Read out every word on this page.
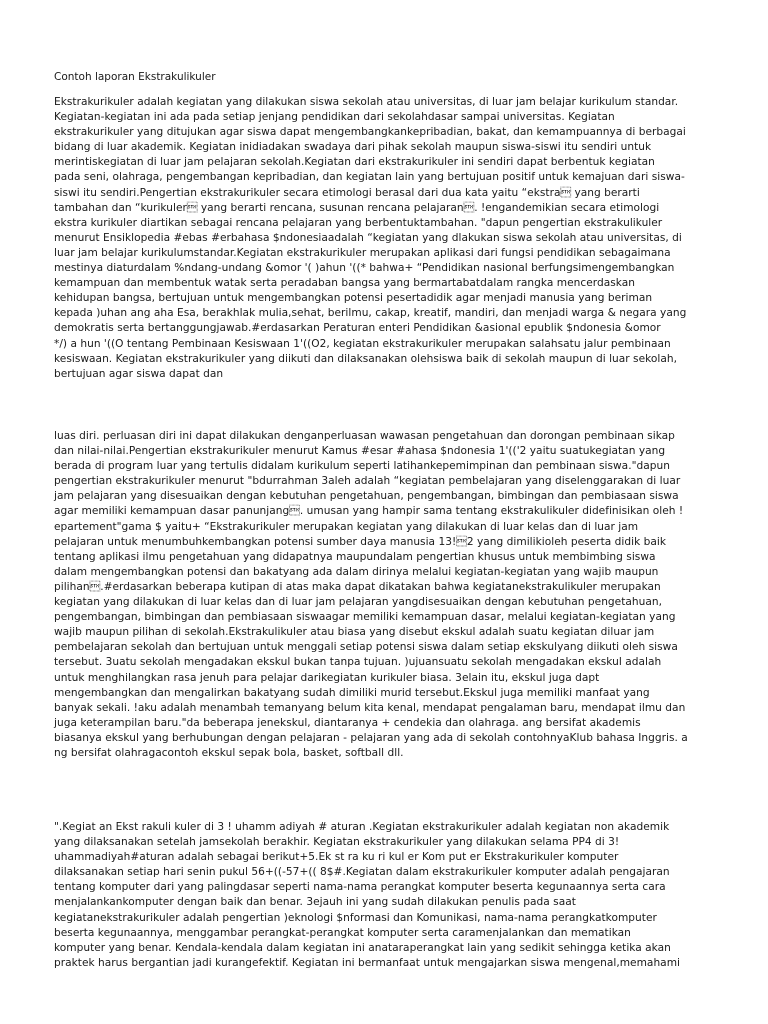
Contoh laporan Ekstrakulikuler
Ekstrakurikuler adalah kegiatan yang dilakukan siswa sekolah atau universitas, di luar jam belajar kurikulum standar.
Kegiatan-kegiatan ini ada pada setiap jenjang pendidikan dari sekolahdasar sampai universitas. Kegiatan
ekstrakurikuler yang ditujukan agar siswa dapat mengembangkankepribadian, bakat, dan kemampuannya di berbagai
bidang di luar akademik. Kegiatan inidiadakan swadaya dari pihak sekolah maupun siswa-siswi itu sendiri untuk
merintiskegiatan di luar jam pelajaran sekolah.Kegiatan dari ekstrakurikuler ini sendiri dapat berbentuk kegiatan
pada seni, olahraga, pengembangan kepribadian, dan kegiatan lain yang bertujuan positif untuk kemajuan dari siswa-
siswi itu sendiri.Pengertian ekstrakurikuler secara etimologi berasal dari dua kata yaitu “ekstra yang berarti
tambahan dan “kurikuler yang berarti rencana, susunan rencana pelajaran. !engandemikian secara etimologi
ekstra kurikuler diartikan sebagai rencana pelajaran yang berbentuktambahan. "dapun pengertian ekstrakulikuler
menurut Ensiklopedia #ebas #erbahasa $ndonesiaadalah “kegiatan yang dlakukan siswa sekolah atau universitas, di
luar jam belajar kurikulumstandar.Kegiatan ekstrakurikuler merupakan aplikasi dari fungsi pendidikan sebagaimana
mestinya diaturdalam %ndang-undang &omor '( )ahun '((* bahwa+ “Pendidikan nasional berfungsimengembangkan
kemampuan dan membentuk watak serta peradaban bangsa yang bermartabatdalam rangka mencerdaskan
kehidupan bangsa, bertujuan untuk mengembangkan potensi pesertadidik agar menjadi manusia yang beriman
kepada )uhan ang aha Esa, berakhlak mulia,sehat, berilmu, cakap, kreatif, mandiri, dan menjadi warga & negara yang
demokratis serta bertanggungjawab.#erdasarkan Peraturan enteri Pendidikan &asional epublik $ndonesia &omor
*/) a hun '((O tentang Pembinaan Kesiswaan 1'((O2, kegiatan ekstrakurikuler merupakan salahsatu jalur pembinaan
kesiswaan. Kegiatan ekstrakurikuler yang diikuti dan dilaksanakan olehsiswa baik di sekolah maupun di luar sekolah,
bertujuan agar siswa dapat dan
luas diri. perluasan diri ini dapat dilakukan denganperluasan wawasan pengetahuan dan dorongan pembinaan sikap
dan nilai-nilai.Pengertian ekstrakurikuler menurut Kamus #esar #ahasa $ndonesia 1'(('2 yaitu suatukegiatan yang
berada di program luar yang tertulis didalam kurikulum seperti latihankepemimpinan dan pembinaan siswa."dapun
pengertian ekstrakurikuler menurut "bdurrahman 3aleh adalah “kegiatan pembelajaran yang diselenggarakan di luar
jam pelajaran yang disesuaikan dengan kebutuhan pengetahuan, pengembangan, bimbingan dan pembiasaan siswa
agar memiliki kemampuan dasar panunjang. umusan yang hampir sama tentang ekstrakulikuler didefinisikan oleh !
epartement"gama $ yaitu+ “Ekstrakurikuler merupakan kegiatan yang dilakukan di luar kelas dan di luar jam
pelajaran untuk menumbuhkembangkan potensi sumber daya manusia 13!2 yang dimilikioleh peserta didik baik
tentang aplikasi ilmu pengetahuan yang didapatnya maupundalam pengertian khusus untuk membimbing siswa
dalam mengembangkan potensi dan bakatyang ada dalam dirinya melalui kegiatan-kegiatan yang wajib maupun
pilihan.#erdasarkan beberapa kutipan di atas maka dapat dikatakan bahwa kegiatanekstrakulikuler merupakan
kegiatan yang dilakukan di luar kelas dan di luar jam pelajaran yangdisesuaikan dengan kebutuhan pengetahuan,
pengembangan, bimbingan dan pembiasaan siswaagar memiliki kemampuan dasar, melalui kegiatan-kegiatan yang
wajib maupun pilihan di sekolah.Ekstrakulikuler atau biasa yang disebut ekskul adalah suatu kegiatan diluar jam
pembelajaran sekolah dan bertujuan untuk menggali setiap potensi siswa dalam setiap ekskulyang diikuti oleh siswa
tersebut. 3uatu sekolah mengadakan ekskul bukan tanpa tujuan. )ujuansuatu sekolah mengadakan ekskul adalah
untuk menghilangkan rasa jenuh para pelajar darikegiatan kurikuler biasa. 3elain itu, ekskul juga dapt
mengembangkan dan mengalirkan bakatyang sudah dimiliki murid tersebut.Ekskul juga memiliki manfaat yang
banyak sekali. !aku adalah menambah temanyang belum kita kenal, mendapat pengalaman baru, mendapat ilmu dan
juga keterampilan baru."da beberapa jenekskul, diantaranya + cendekia dan olahraga. ang bersifat akademis
biasanya ekskul yang berhubungan dengan pelajaran - pelajaran yang ada di sekolah contohnyaKlub bahasa Inggris. a
ng bersifat olahragacontoh ekskul sepak bola, basket, softball dll.
".Kegiat an Ekst rakuli kuler di 3 ! uhamm adiyah # aturan .Kegiatan ekstrakurikuler adalah kegiatan non akademik
yang dilaksanakan setelah jamsekolah berakhir. Kegiatan ekstrakurikuler yang dilakukan selama PP4 di 3!
uhammadiyah#aturan adalah sebagai berikut+5.Ek st ra ku ri kul er Kom put er Ekstrakurikuler komputer
dilaksanakan setiap hari senin pukul 56+((-57+(( 8$#.Kegiatan dalam ekstrakurikuler komputer adalah pengajaran
tentang komputer dari yang palingdasar seperti nama-nama perangkat komputer beserta kegunaannya serta cara
menjalankankomputer dengan baik dan benar. 3ejauh ini yang sudah dilakukan penulis pada saat
kegiatanekstrakurikuler adalah pengertian )eknologi $nformasi dan Komunikasi, nama-nama perangkatkomputer
beserta kegunaannya, menggambar perangkat-perangkat komputer serta caramenjalankan dan mematikan
komputer yang benar. Kendala-kendala dalam kegiatan ini anataraperangkat lain yang sedikit sehingga ketika akan
praktek harus bergantian jadi kurangefektif. Kegiatan ini bermanfaat untuk mengajarkan siswa mengenal,memahami
